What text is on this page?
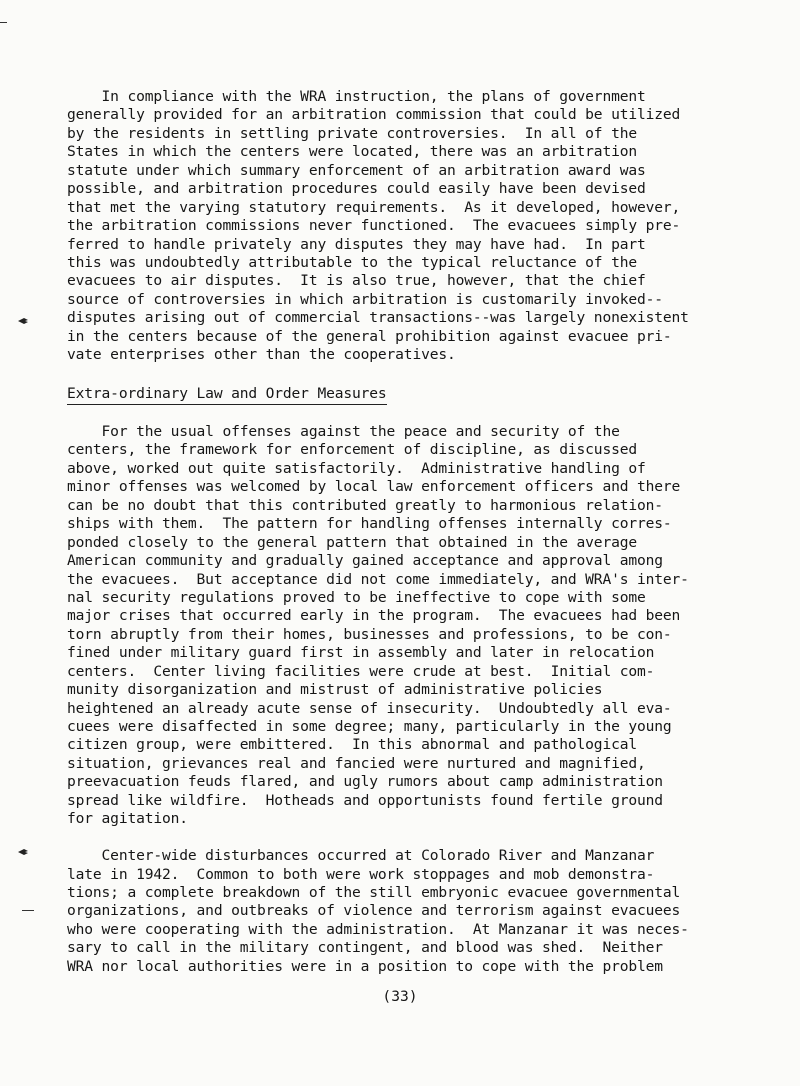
In compliance with the WRA instruction, the plans of government
generally provided for an arbitration commission that could be utilized
by the residents in settling private controversies.  In all of the
States in which the centers were located, there was an arbitration
statute under which summary enforcement of an arbitration award was
possible, and arbitration procedures could easily have been devised
that met the varying statutory requirements.  As it developed, however,
the arbitration commissions never functioned.  The evacuees simply pre-
ferred to handle privately any disputes they may have had.  In part
this was undoubtedly attributable to the typical reluctance of the
evacuees to air disputes.  It is also true, however, that the chief
source of controversies in which arbitration is customarily invoked--
disputes arising out of commercial transactions--was largely nonexistent
in the centers because of the general prohibition against evacuee pri-
vate enterprises other than the cooperatives.
Extra-ordinary Law and Order Measures
For the usual offenses against the peace and security of the
centers, the framework for enforcement of discipline, as discussed
above, worked out quite satisfactorily.  Administrative handling of
minor offenses was welcomed by local law enforcement officers and there
can be no doubt that this contributed greatly to harmonious relation-
ships with them.  The pattern for handling offenses internally corres-
ponded closely to the general pattern that obtained in the average
American community and gradually gained acceptance and approval among
the evacuees.  But acceptance did not come immediately, and WRA's inter-
nal security regulations proved to be ineffective to cope with some
major crises that occurred early in the program.  The evacuees had been
torn abruptly from their homes, businesses and professions, to be con-
fined under military guard first in assembly and later in relocation
centers.  Center living facilities were crude at best.  Initial com-
munity disorganization and mistrust of administrative policies
heightened an already acute sense of insecurity.  Undoubtedly all eva-
cuees were disaffected in some degree; many, particularly in the young
citizen group, were embittered.  In this abnormal and pathological
situation, grievances real and fancied were nurtured and magnified,
preevacuation feuds flared, and ugly rumors about camp administration
spread like wildfire.  Hotheads and opportunists found fertile ground
for agitation.
Center-wide disturbances occurred at Colorado River and Manzanar
late in 1942.  Common to both were work stoppages and mob demonstra-
tions; a complete breakdown of the still embryonic evacuee governmental
organizations, and outbreaks of violence and terrorism against evacuees
who were cooperating with the administration.  At Manzanar it was neces-
sary to call in the military contingent, and blood was shed.  Neither
WRA nor local authorities were in a position to cope with the problem
(33)
